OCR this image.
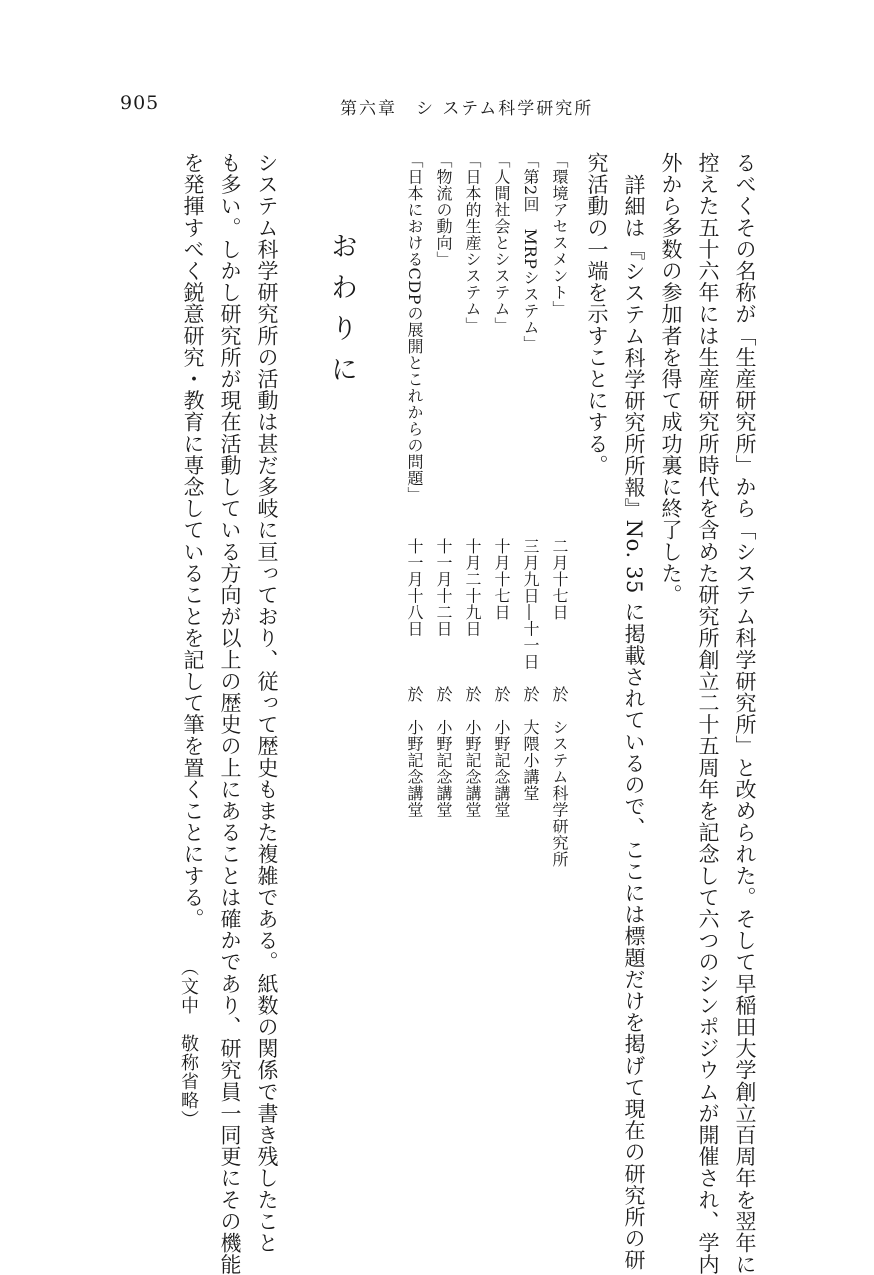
905	第六章　シ ステム科学研究所
るべくその名称が「生産研究所」から「システム科学研究所」と改められた。そして早稲田大学創立百周年を翌年に
控えた五十六年には生産研究所時代を含めた研究所創立二十五周年を記念して六つのシンポジウムが開催され、学内
外から多数の参加者を得て成功裏に終了した。
詳細は『システム科学研究所所報』No. 35 に掲載されているので、ここには標題だけを掲げて現在の研究所の研
究活動の一端を示すことにする。
「環境アセスメント」
「第2回　MRPシステム」
「人間社会とシステム」
「日本的生産システム」
「物流の動向」
「日本におけるCDPの展開とこれからの問題」
二月十七日
三月九日―十一日
十月十七日
十月二十九日
十一月十二日
十一月十八日
於　システム科学研究所
於　大隈小講堂
於　小野記念講堂
於　小野記念講堂
於　小野記念講堂
於　小野記念講堂
おわりに
システム科学研究所の活動は甚だ多岐に亘っており、従って歴史もまた複雑である。紙数の関係で書き残したこと
も多い。しかし研究所が現在活動している方向が以上の歴史の上にあることは確かであり、研究員一同更にその機能
を発揮すべく鋭意研究・教育に専念していることを記して筆を置くことにする。
（文中　敬称省略）
